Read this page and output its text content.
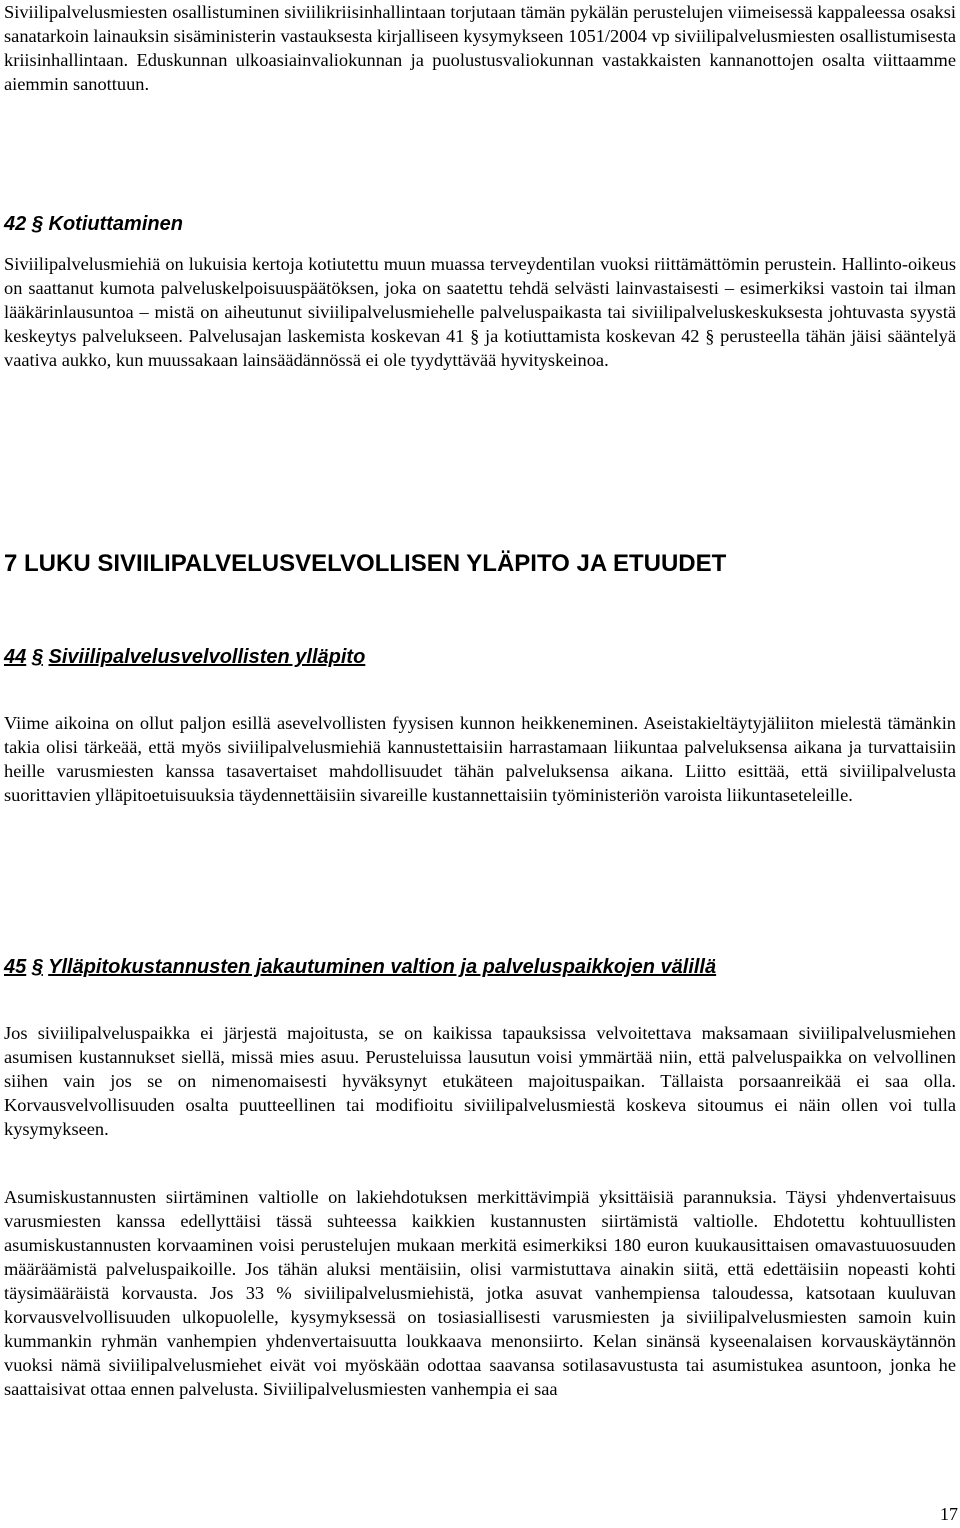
Siviilipalvelusmiesten osallistuminen siviilikriisinhallintaan torjutaan tämän pykälän perustelujen viimeisessä kappaleessa osaksi sanatarkoin lainauksin sisäministerin vastauksesta kirjalliseen kysymykseen 1051/2004 vp siviilipalvelusmiesten osallistumisesta kriisinhallintaan. Eduskunnan ulkoasiainvaliokunnan ja puolustusvaliokunnan vastakkaisten kannanottojen osalta viittaamme aiemmin sanottuun.

42 § Kotiuttaminen

Siviilipalvelusmiehiä on lukuisia kertoja kotiutettu muun muassa terveydentilan vuoksi riittämättömin perustein. Hallinto-oikeus on saattanut kumota palveluskelpoisuuspäätöksen, joka on saatettu tehdä selvästi lainvastaisesti – esimerkiksi vastoin tai ilman lääkärinlausuntoa – mistä on aiheutunut siviilipalvelusmiehelle palveluspaikasta tai siviilipalveluskeskuksesta johtuvasta syystä keskeytys palvelukseen. Palvelusajan laskemista koskevan 41 § ja kotiuttamista koskevan 42 § perusteella tähän jäisi sääntelyä vaativa aukko, kun muussakaan lainsäädännössä ei ole tyydyttävää hyvityskeinoa.

7 LUKU SIVIILIPALVELUSVELVOLLISEN YLÄPITO JA ETUUDET
44 § Siviilipalvelusvelvollisten ylläpito

Viime aikoina on ollut paljon esillä asevelvollisten fyysisen kunnon heikkeneminen. Aseistakieltäytyjäliiton mielestä tämänkin takia olisi tärkeää, että myös siviilipalvelusmiehiä kannustettaisiin harrastamaan liikuntaa palveluksensa aikana ja turvattaisiin heille varusmiesten kanssa tasavertaiset mahdollisuudet tähän palveluksensa aikana. Liitto esittää, että siviilipalvelusta suorittavien ylläpitoetuisuuksia täydennettäisiin sivareille kustannettaisiin työministeriön varoista liikuntaseteleille.

45 § Ylläpitokustannusten jakautuminen valtion ja palveluspaikkojen välillä

Jos siviilipalveluspaikka ei järjestä majoitusta, se on kaikissa tapauksissa velvoitettava maksamaan siviilipalvelusmiehen asumisen kustannukset siellä, missä mies asuu. Perusteluissa lausutun voisi ymmärtää niin, että palveluspaikka on velvollinen siihen vain jos se on nimenomaisesti hyväksynyt etukäteen majoituspaikan. Tällaista porsaanreikää ei saa olla. Korvausvelvollisuuden osalta puutteellinen tai modifioitu siviilipalvelusmiestä koskeva sitoumus ei näin ollen voi tulla kysymykseen.

Asumiskustannusten siirtäminen valtiolle on lakiehdotuksen merkittävimpiä yksittäisiä parannuksia. Täysi yhdenvertaisuus varusmiesten kanssa edellyttäisi tässä suhteessa kaikkien kustannusten siirtämistä valtiolle. Ehdotettu kohtuullisten asumiskustannusten korvaaminen voisi perustelujen mukaan merkitä esimerkiksi 180 euron kuukausittaisen omavastuuosuuden määräämistä palveluspaikoille. Jos tähän aluksi mentäisiin, olisi varmistuttava ainakin siitä, että edettäisiin nopeasti kohti täysimääräistä korvausta. Jos 33 % siviilipalvelusmiehistä, jotka asuvat vanhempiensa taloudessa, katsotaan kuuluvan korvausvelvollisuuden ulkopuolelle, kysymyksessä on tosiasiallisesti varusmiesten ja siviilipalvelusmiesten samoin kuin kummankin ryhmän vanhempien yhdenvertaisuutta loukkaava menonsiirto. Kelan sinänsä kyseenalaisen korvauskäytännön vuoksi nämä siviilipalvelusmiehet eivät voi myöskään odottaa saavansa sotilasavustusta tai asumistukea asuntoon, jonka he saattaisivat ottaa ennen palvelusta. Siviilipalvelusmiesten vanhempia ei saa

17
